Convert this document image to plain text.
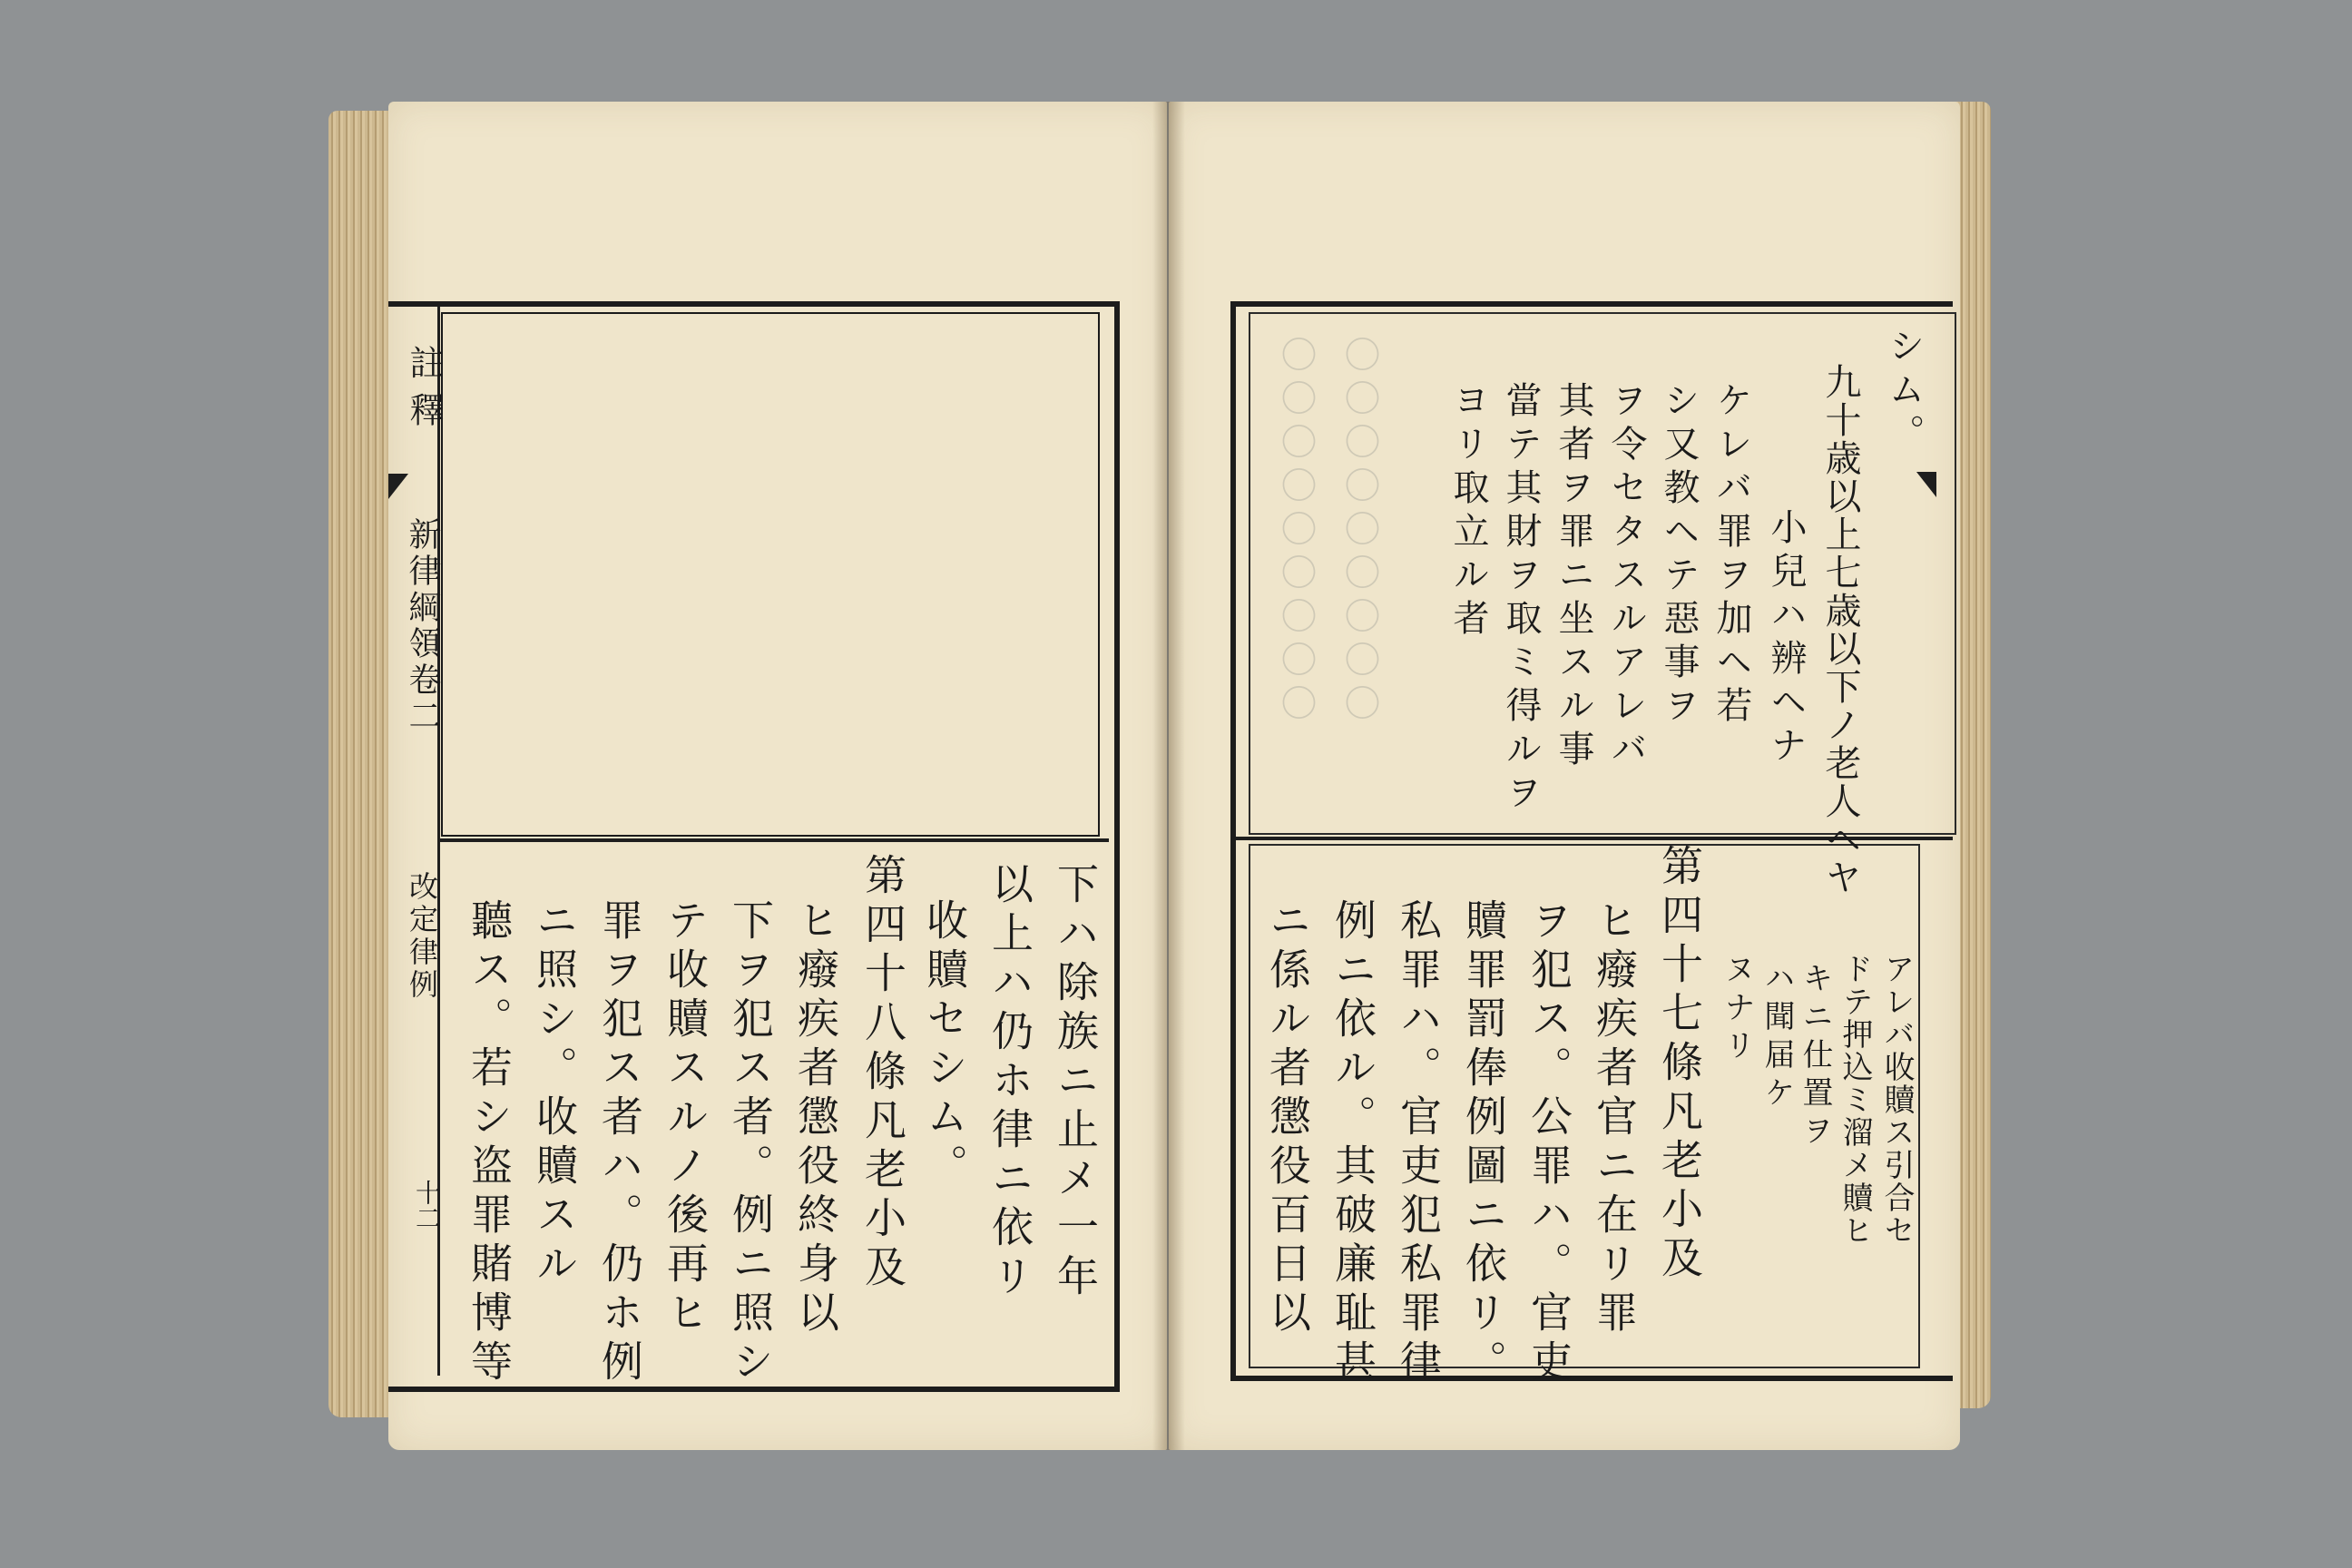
註釋
新律綱領卷二
改定律例
十二	下ハ除族ニ止メ一年
以上ハ仍ホ律ニ依リ
收贖セシム。
第四十八條凡老小及
ヒ癈疾者懲役終身以
下ヲ犯ス者。例ニ照シ
テ收贖スルノ後再ヒ
罪ヲ犯ス者ハ。仍ホ例
ニ照シ。收贖スル
聽ス。若シ盗罪賭博等
〇〇〇〇〇〇〇〇〇 〇〇〇〇〇〇〇〇〇	シム。
九十歳以上七歳以下ノ老人ヘヤ
小兒ハ辨ヘナ
ケレバ罪ヲ加ヘ若
シ又教ヘテ惡事ヲ
ヲ令セタスルアレバ
其者ヲ罪ニ坐スル事
當テ其財ヲ取ミ得ルヲ
ヨリ取立ル者
第四十七條凡老小及
ヒ癈疾者官ニ在リ罪
ヲ犯ス。公罪ハ。官吏
贖罪罰俸例圖ニ依リ。
私罪ハ。官吏犯私罪律
例ニ依ル。其破廉耻甚
ニ係ル者懲役百日以	ヌナリ ハ聞届ケ キニ仕置ヲ ドテ押込ミ溜メ贖ヒ アレバ收贖ス引合セ
